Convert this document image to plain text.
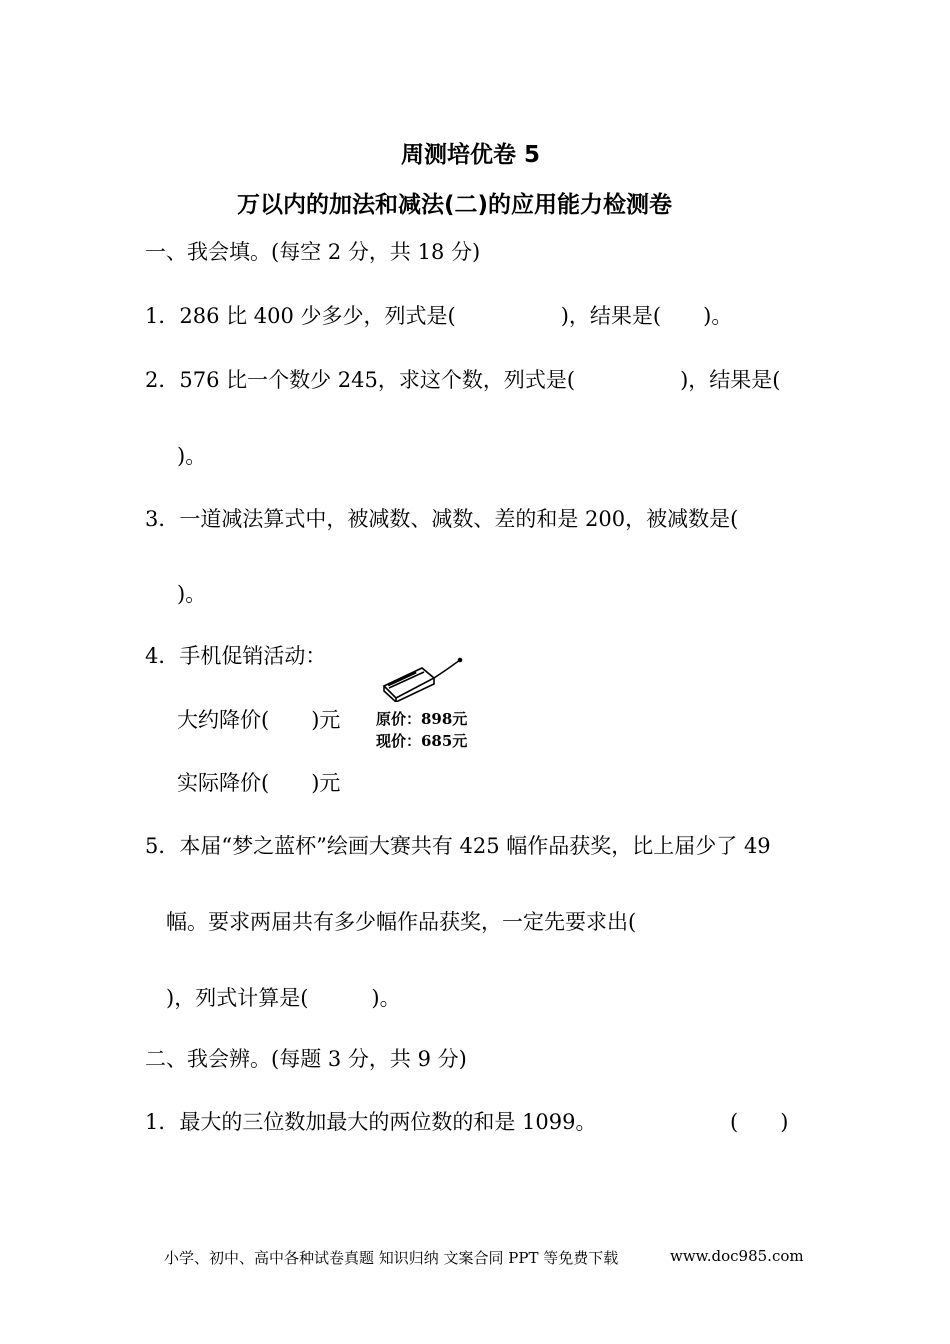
周测培优卷 5
万以内的加法和减法(二)的应用能力检测卷
一、我会填。(每空 2 分，共 18 分)
1．286 比 400 少多少，列式是(　　　　　)，结果是(　　)。
2．576 比一个数少 245，求这个数，列式是(　　　　　)，结果是(
)。
3．一道减法算式中，被减数、减数、差的和是 200，被减数是(
)。
4．手机促销活动：
大约降价(　　)元
实际降价(　　)元
原价：898元
现价：685元
5．本届“梦之蓝杯”绘画大赛共有 425 幅作品获奖，比上届少了 49
幅。要求两届共有多少幅作品获奖，一定先要求出(
)，列式计算是(　　　)。
二、我会辨。(每题 3 分，共 9 分)
1．最大的三位数加最大的两位数的和是 1099。	(　　)
小学、初中、高中各种试卷真题 知识归纳 文案合同 PPT 等免费下载	www.doc985.com
